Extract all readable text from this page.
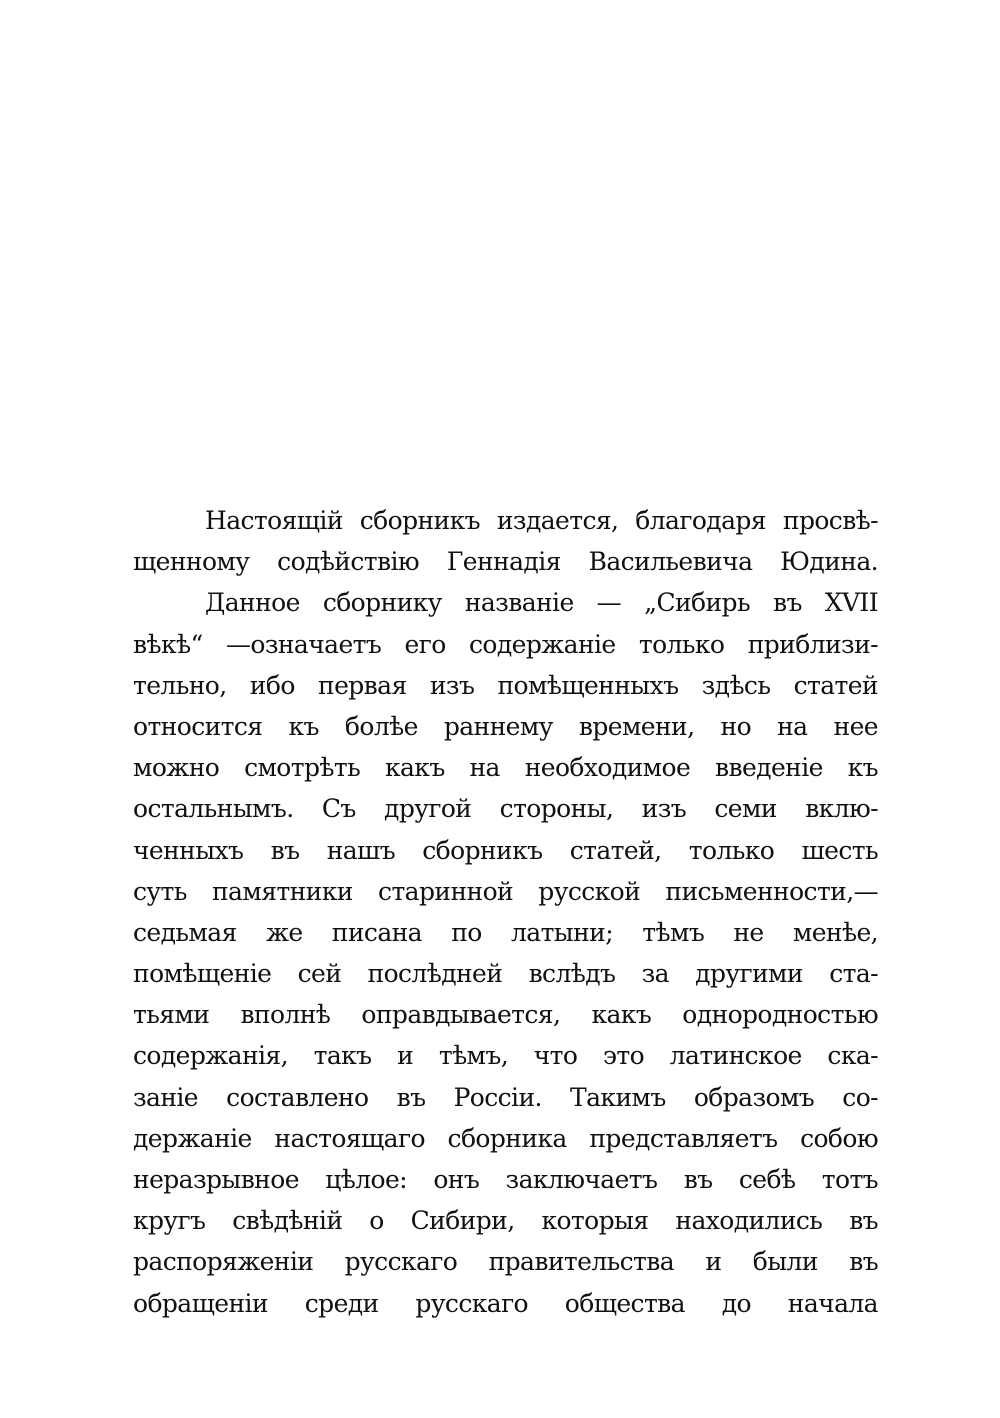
Настоящій сборникъ издается, благодаря просвѣ-
щенному содѣйствію Геннадія Васильевича Юдина.
Данное сборнику названіе — „Сибирь въ XVII
вѣкѣ“ —означаетъ его содержаніе только приблизи-
тельно, ибо первая изъ помѣщенныхъ здѣсь статей
относится къ болѣе раннему времени, но на нее
можно смотрѣть какъ на необходимое введеніе къ
остальнымъ. Съ другой стороны, изъ семи вклю-
ченныхъ въ нашъ сборникъ статей, только шесть
суть памятники старинной русской письменности,—
седьмая же писана по латыни; тѣмъ не менѣе,
помѣщеніе сей послѣдней вслѣдъ за другими ста-
тьями вполнѣ оправдывается, какъ однородностью
содержанія, такъ и тѣмъ, что это латинское ска-
заніе составлено въ Россіи. Такимъ образомъ со-
держаніе настоящаго сборника представляетъ собою
неразрывное цѣлое: онъ заключаетъ въ себѣ тотъ
кругъ свѣдѣній о Сибири, которыя находились въ
распоряженіи русскаго правительства и были въ
обращеніи среди русскаго общества до начала
